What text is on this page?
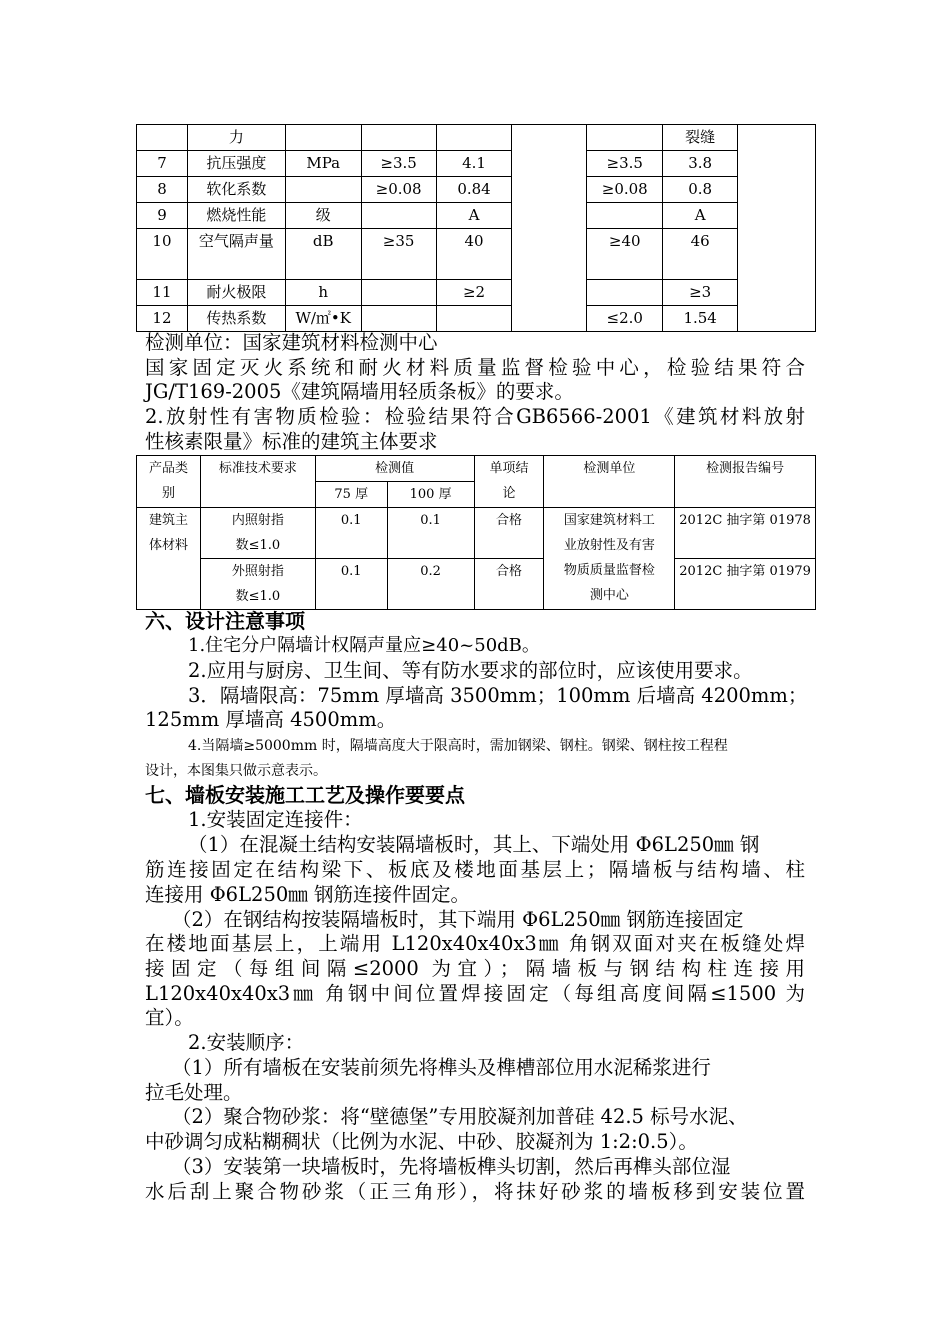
	力						裂缝	
7	抗压强度	MPa	≥3.5	4.1		≥3.5	3.8	
8	软化系数		≥0.08	0.84		≥0.08	0.8	
9	燃烧性能	级		A			A	
10	空气隔声量	dB	≥35	40		≥40	46	
11	耐火极限	h		≥2			≥3	
12	传热系数	W/㎡•K				≤2.0	1.54	
检测单位：国家建筑材料检测中心
国家固定灭火系统和耐火材料质量监督检验中心，检验结果符合
JG/T169-2005《建筑隔墙用轻质条板》的要求。
2.放射性有害物质检验：检验结果符合GB6566-2001《建筑材料放射
性核素限量》标准的建筑主体要求
产品类别	标准技术要求	检测值		单项结论	检测单位	检测报告编号
		75 厚	100 厚			
建筑主体材料	内照射指数≤1.0	0.1	0.1	合格	国家建筑材料工业放射性及有害物质质量监督检测中心	2012C 抽字第 01978
	外照射指数≤1.0	0.1	0.2	合格		2012C 抽字第 01979
六、设计注意事项
1.住宅分户隔墙计权隔声量应≥40~50dB。
2.应用与厨房、卫生间、等有防水要求的部位时，应该使用要求。
3．隔墙限高：75mm 厚墙高 3500mm；100mm 后墙高 4200mm；
125mm 厚墙高 4500mm。
4.当隔墙≥5000mm 时，隔墙高度大于限高时，需加钢梁、钢柱。钢梁、钢柱按工程程
设计，本图集只做示意表示。
七、墙板安装施工工艺及操作要要点
1.安装固定连接件：
（1）在混凝土结构安装隔墙板时，其上、下端处用 Φ6L250㎜ 钢
筋连接固定在结构梁下、板底及楼地面基层上；隔墙板与结构墙、柱
连接用 Φ6L250㎜ 钢筋连接件固定。
（2）在钢结构按装隔墙板时，其下端用 Φ6L250㎜ 钢筋连接固定
在楼地面基层上，上端用 L120x40x40x3㎜ 角钢双面对夹在板缝处焊
接固定（每组间隔≤2000 为宜）；隔墙板与钢结构柱连接用
L120x40x40x3㎜ 角钢中间位置焊接固定（每组高度间隔≤1500 为
宜）。
2.安装顺序：
（1）所有墙板在安装前须先将榫头及榫槽部位用水泥稀浆进行
拉毛处理。
（2）聚合物砂浆：将“壁德堡”专用胶凝剂加普硅 42.5 标号水泥、
中砂调匀成粘糊稠状（比例为水泥、中砂、胶凝剂为 1:2:0.5）。
（3）安装第一块墙板时，先将墙板榫头切割，然后再榫头部位湿
水后刮上聚合物砂浆（正三角形），将抹好砂浆的墙板移到安装位置
